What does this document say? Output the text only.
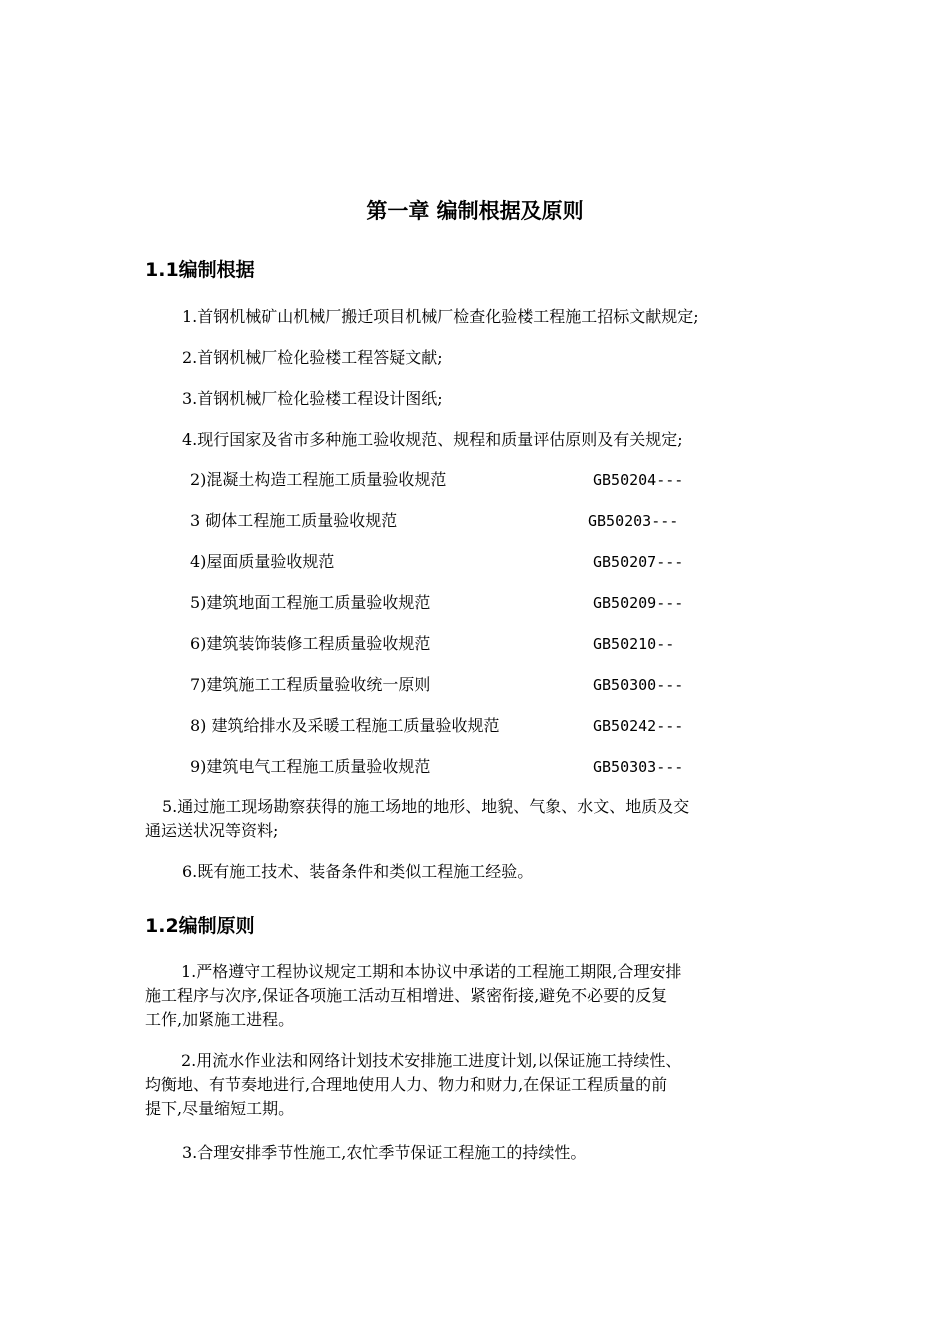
第一章 编制根据及原则
1.1编制根据
1.首钢机械矿山机械厂搬迁项目机械厂检查化验楼工程施工招标文献规定;
2.首钢机械厂检化验楼工程答疑文献;
3.首钢机械厂检化验楼工程设计图纸;
4.现行国家及省市多种施工验收规范、规程和质量评估原则及有关规定;
2)混凝土构造工程施工质量验收规范	GB50204---
3 砌体工程施工质量验收规范	GB50203---
4)屋面质量验收规范	GB50207---
5)建筑地面工程施工质量验收规范	GB50209---
6)建筑装饰装修工程质量验收规范	GB50210--
7)建筑施工工程质量验收统一原则	GB50300---
8) 建筑给排水及采暖工程施工质量验收规范	GB50242---
9)建筑电气工程施工质量验收规范	GB50303---
5.通过施工现场勘察获得的施工场地的地形、地貌、气象、水文、地质及交
通运送状况等资料;
6.既有施工技术、装备条件和类似工程施工经验。
1.2编制原则
1.严格遵守工程协议规定工期和本协议中承诺的工程施工期限,合理安排
施工程序与次序,保证各项施工活动互相增进、紧密衔接,避免不必要的反复
工作,加紧施工进程。
2.用流水作业法和网络计划技术安排施工进度计划,以保证施工持续性、
均衡地、有节奏地进行,合理地使用人力、物力和财力,在保证工程质量的前
提下,尽量缩短工期。
3.合理安排季节性施工,农忙季节保证工程施工的持续性。
